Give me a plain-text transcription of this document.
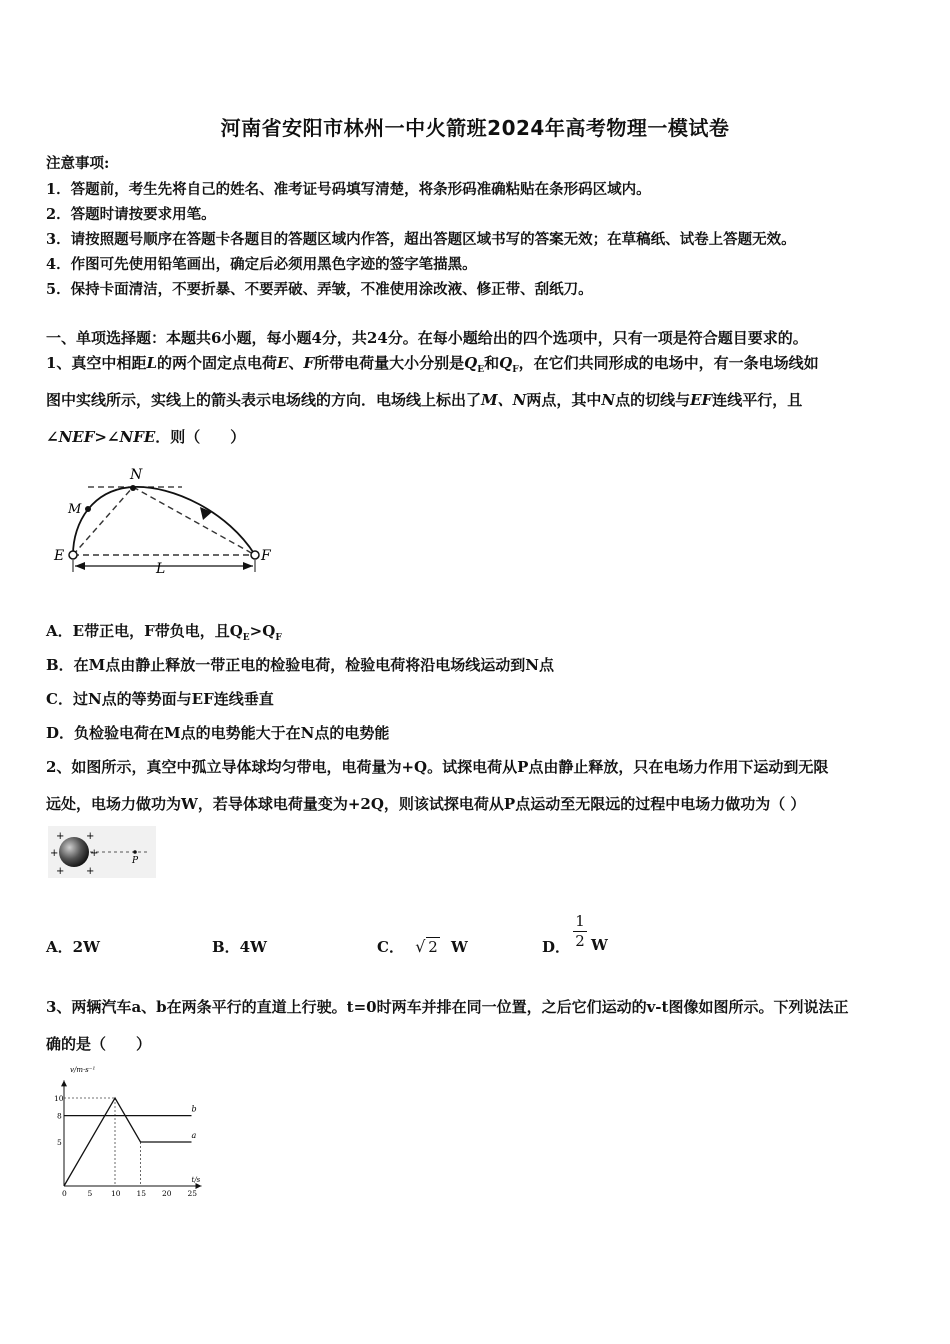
河南省安阳市林州一中火箭班2024年高考物理一模试卷
注意事项:
1．答题前，考生先将自己的姓名、准考证号码填写清楚，将条形码准确粘贴在条形码区域内。
2．答题时请按要求用笔。
3．请按照题号顺序在答题卡各题目的答题区域内作答，超出答题区域书写的答案无效；在草稿纸、试卷上答题无效。
4．作图可先使用铅笔画出，确定后必须用黑色字迹的签字笔描黑。
5．保持卡面清洁，不要折暴、不要弄破、弄皱，不准使用涂改液、修正带、刮纸刀。
一、单项选择题：本题共6小题，每小题4分，共24分。在每小题给出的四个选项中，只有一项是符合题目要求的。
1、真空中相距L的两个固定点电荷E、F所带电荷量大小分别是$Q_E$和$Q_F$，在它们共同形成的电场中，有一条电场线如
图中实线所示，实线上的箭头表示电场线的方向．电场线上标出了M、N两点，其中N点的切线与EF连线平行，且
∠NEF>∠NFE．则（　　）
N
M
E	F
L
A．E带正电，F带负电，且$Q_E>Q_F$
B．在M点由静止释放一带正电的检验电荷，检验电荷将沿电场线运动到N点
C．过N点的等势面与EF连线垂直
D．负检验电荷在M点的电势能大于在N点的电势能
2、如图所示，真空中孤立导体球均匀带电，电荷量为+Q。试探电荷从P点由静止释放，只在电场力作用下运动到无限
远处，电场力做功为W，若导体球电荷量变为+2Q，则该试探电荷从P点运动至无限远的过程中电场力做功为（ ）
P
+ +
+	+
+ +
A．2W	B．4W	C． √ 2 W	D．
1
2 W
3、两辆汽车a、b在两条平行的直道上行驶。t=0时两车并排在同一位置，之后它们运动的v-t图像如图所示。下列说法正
确的是（　　）
b
a
0	5 10 15 20 25
5
8
10
v/m·s⁻¹
t/s
